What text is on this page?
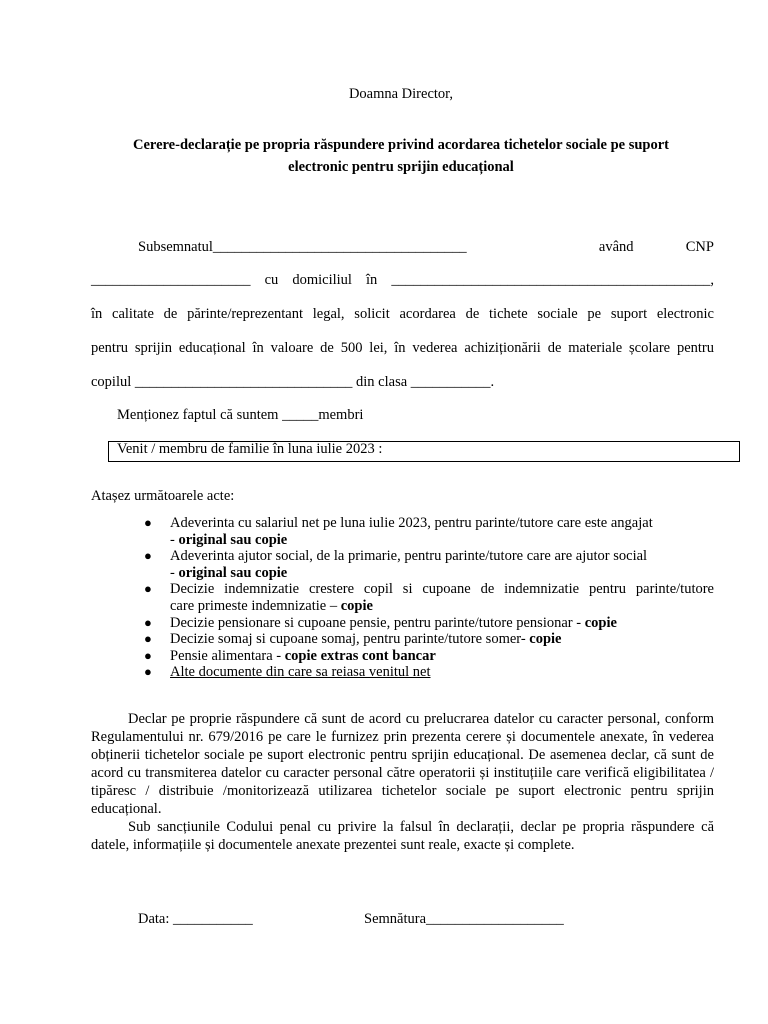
Doamna Director,
Cerere-declarație pe propria răspundere privind acordarea tichetelor sociale pe suport
electronic pentru sprijin educațional
Subsemnatul___________________________________	având	CNP
______________________ cu domiciliul în ____________________________________________,
în calitate de părinte/reprezentant legal, solicit acordarea de tichete sociale pe suport electronic
pentru sprijin educațional în valoare de 500 lei, în vederea achiziționării de materiale școlare pentru
copilul ______________________________ din clasa ___________.
Menționez faptul că suntem _____membri
Venit / membru de familie în luna iulie 2023 :
Atașez următoarele acte:
● Adeverinta cu salariul net pe luna iulie 2023, pentru parinte/tutore care este angajat
- original sau copie
● Adeverinta ajutor social, de la primarie, pentru parinte/tutore care are ajutor social
- original sau copie
● Decizie indemnizatie crestere copil si cupoane de indemnizatie pentru parinte/tutore
care primeste indemnizatie – copie
● Decizie pensionare si cupoane pensie, pentru parinte/tutore pensionar - copie
● Decizie somaj si cupoane somaj, pentru parinte/tutore somer- copie
● Pensie alimentara - copie extras cont bancar
● Alte documente din care sa reiasa venitul net

Declar pe proprie răspundere că sunt de acord cu prelucrarea datelor cu caracter personal, conform Regulamentului nr. 679/2016 pe care le furnizez prin prezenta cerere și documentele anexate, în vederea obținerii tichetelor sociale pe suport electronic pentru sprijin educațional. De asemenea declar, că sunt de acord cu transmiterea datelor cu caracter personal către operatorii și instituțiile care verifică eligibilitatea / tipăresc / distribuie /monitorizează utilizarea tichetelor sociale pe suport electronic pentru sprijin educațional.

Sub sancțiunile Codului penal cu privire la falsul în declarații, declar pe propria răspundere că datele, informațiile și documentele anexate prezentei sunt reale, exacte și complete.

Data: ___________	Semnătura___________________
